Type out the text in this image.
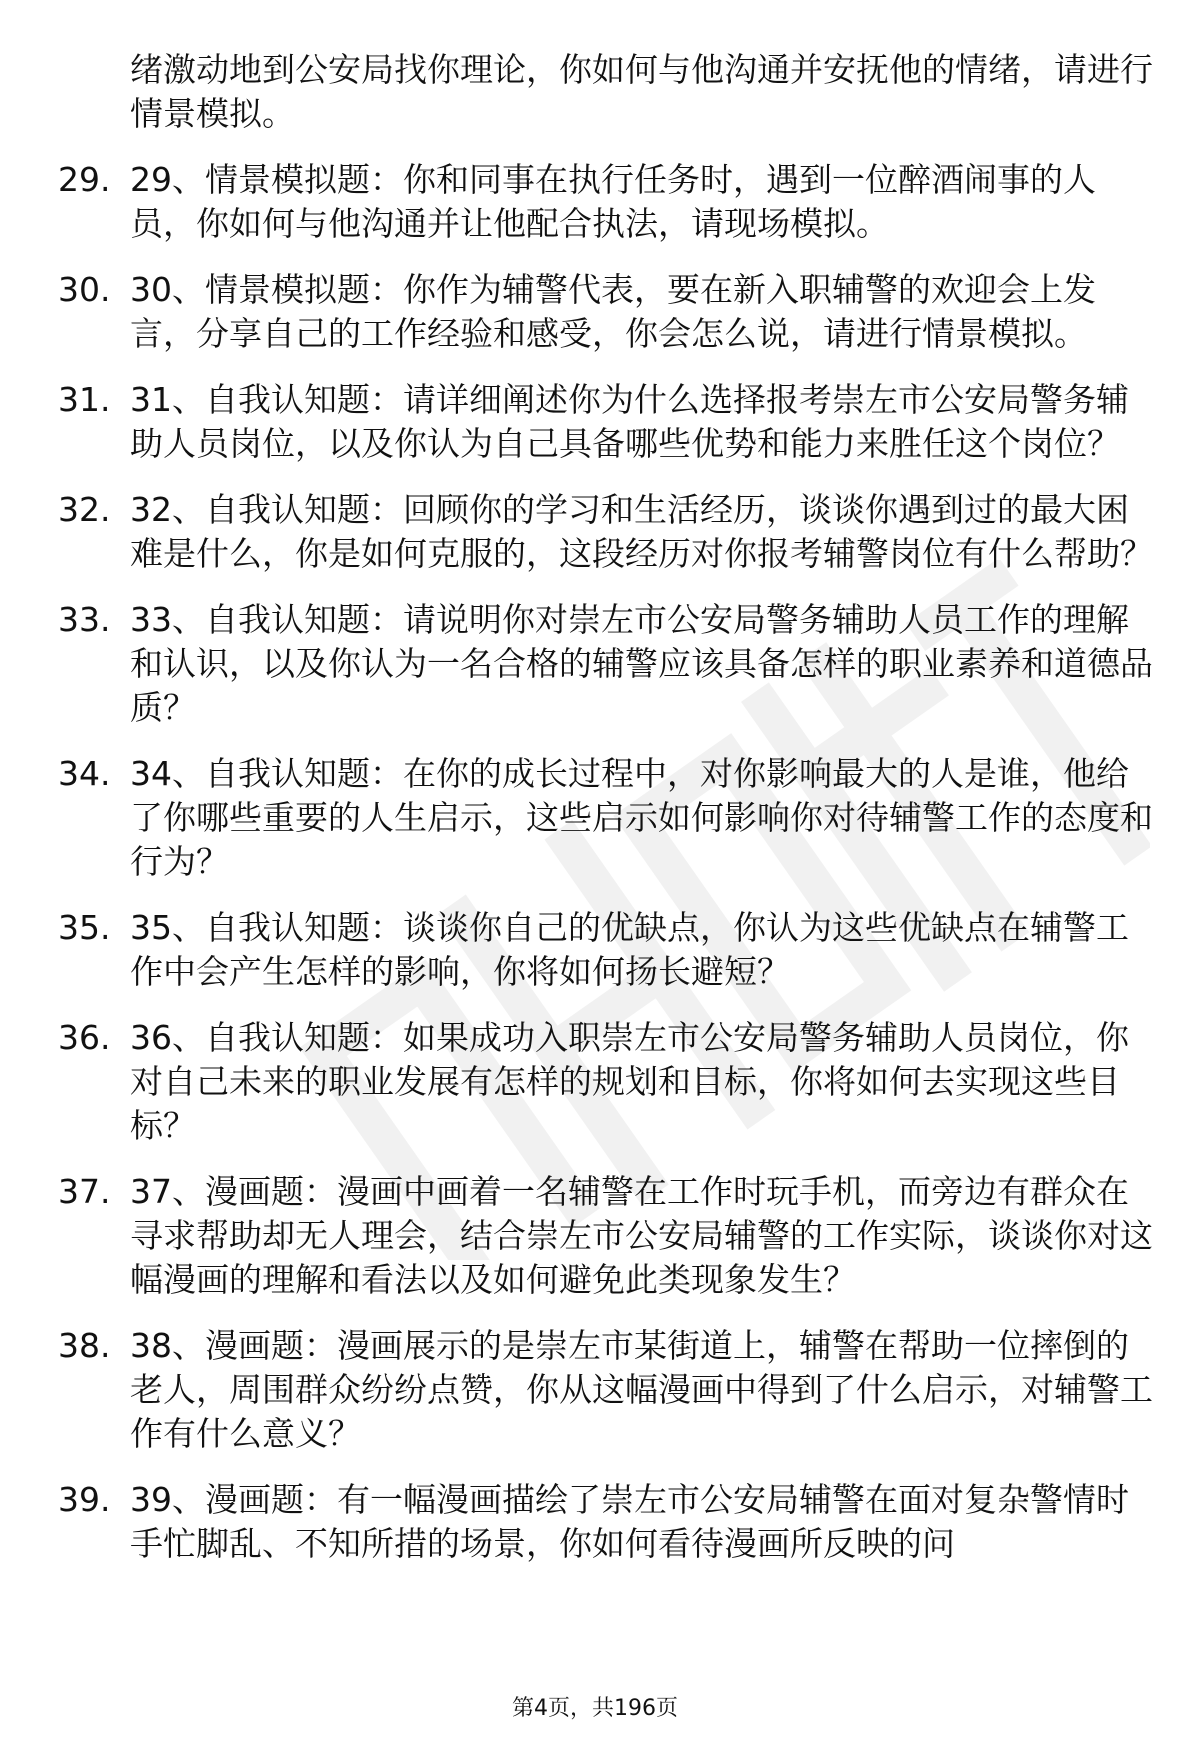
绪激动地到公安局找你理论，你如何与他沟通并安抚他的情绪，请进行情景模拟。

29. 29、情景模拟题：你和同事在执行任务时，遇到一位醉酒闹事的人员，你如何与他沟通并让他配合执法，请现场模拟。
30. 30、情景模拟题：你作为辅警代表，要在新入职辅警的欢迎会上发言，分享自己的工作经验和感受，你会怎么说，请进行情景模拟。
31. 31、自我认知题：请详细阐述你为什么选择报考崇左市公安局警务辅助人员岗位，以及你认为自己具备哪些优势和能力来胜任这个岗位？
32. 32、自我认知题：回顾你的学习和生活经历，谈谈你遇到过的最大困难是什么，你是如何克服的，这段经历对你报考辅警岗位有什么帮助？
33. 33、自我认知题：请说明你对崇左市公安局警务辅助人员工作的理解和认识，以及你认为一名合格的辅警应该具备怎样的职业素养和道德品质？
34. 34、自我认知题：在你的成长过程中，对你影响最大的人是谁，他给了你哪些重要的人生启示，这些启示如何影响你对待辅警工作的态度和行为？
35. 35、自我认知题：谈谈你自己的优缺点，你认为这些优缺点在辅警工作中会产生怎样的影响，你将如何扬长避短？
36. 36、自我认知题：如果成功入职崇左市公安局警务辅助人员岗位，你对自己未来的职业发展有怎样的规划和目标，你将如何去实现这些目标？
37. 37、漫画题：漫画中画着一名辅警在工作时玩手机，而旁边有群众在寻求帮助却无人理会，结合崇左市公安局辅警的工作实际，谈谈你对这幅漫画的理解和看法以及如何避免此类现象发生？
38. 38、漫画题：漫画展示的是崇左市某街道上，辅警在帮助一位摔倒的老人，周围群众纷纷点赞，你从这幅漫画中得到了什么启示，对辅警工作有什么意义？
39. 39、漫画题：有一幅漫画描绘了崇左市公安局辅警在面对复杂警情时手忙脚乱、不知所措的场景，你如何看待漫画所反映的问
第4页，共196页
